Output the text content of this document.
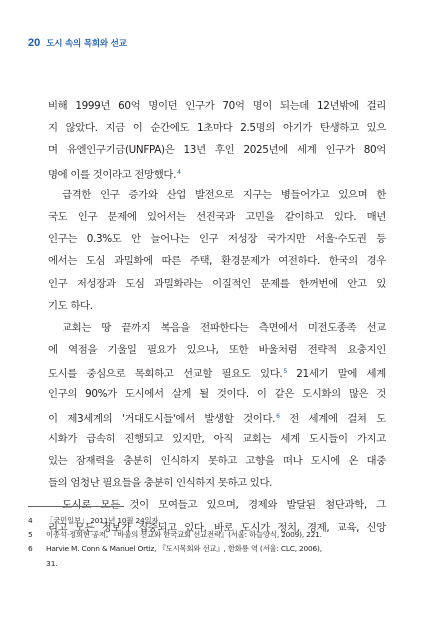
20 도시 속의 목회와 선교
비해 1999년 60억 명이던 인구가 70억 명이 되는데 12년밖에 걸리
지 않았다. 지금 이 순간에도 1초마다 2.5명의 아기가 탄생하고 있으
며 유엔인구기금(UNFPA)은 13년 후인 2025년에 세계 인구가 80억
명에
이를
것이라고
전망했다.$^4$
급격한 인구 증가와 산업 발전으로 지구는 병들어가고 있으며 한
국도 인구 문제에 있어서는 선진국과 고민을 같이하고 있다. 매년
인구는 0.3%도 안 늘어나는 인구 저성장 국가지만 서울·수도권 등
에서는 도심 과밀화에 따른 주택, 환경문제가 여전하다. 한국의 경우
인구 저성장과 도심 과밀화라는 이질적인 문제를 한꺼번에 안고 있
기도
하다.
교회는 땅 끝까지 복음을 전파한다는 측면에서 미전도종족 선교
에 역점을 기울일 필요가 있으나, 또한 바울처럼 전략적 요충지인
도시를 중심으로 목회하고 선교할 필요도 있다.$^5$ 21세기 말에 세계
인구의 90%가 도시에서 살게 될 것이다. 이 같은 도시화의 많은 것
이 제3세계의 '거대도시들'에서 발생할 것이다.$^6$ 전 세계에 걸쳐 도
시화가 급속히 진행되고 있지만, 아직 교회는 세계 도시들이 가지고
있는 잠재력을 충분히 인식하지 못하고 고향을 떠나 도시에 온 대중
들의
엄청난
필요들을
충분히
인식하지
못하고
있다.
도시로 모든 것이 모여들고 있으며, 경제와 발달된 첨단과학, 그
리고 모든 정보가 집중되고 있다. 바로 도시가 정치, 경제, 교육, 신앙
4	「국민일보」 2011년 10월 24일자.
5	이종석·정희현 공저, 『바울의 선교와 한국교회 선교전략』(서울: 하늘양식, 2009), 221.
6	Harvie M. Conn & Manuel Ortiz, 『도시목회와 선교』, 한화룡 역 (서울: CLC, 2006),
31.
